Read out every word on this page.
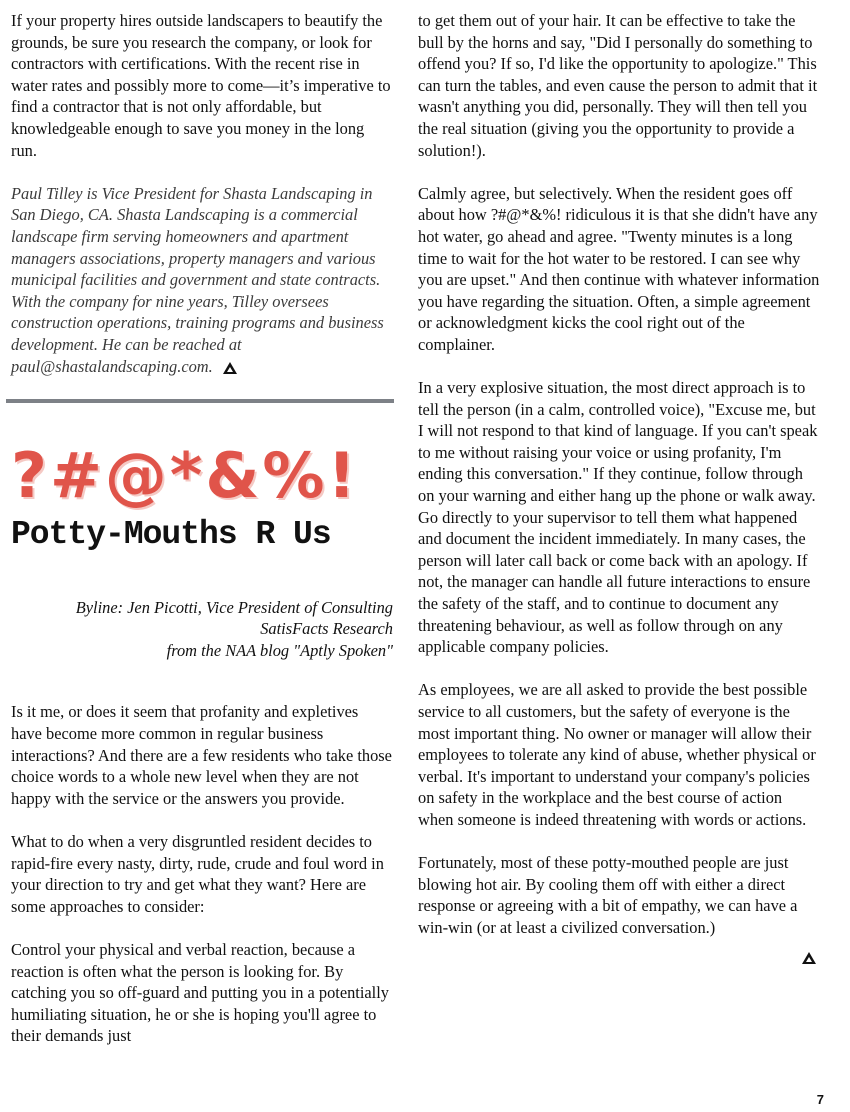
If your property hires outside landscapers to beautify the grounds, be sure you research the company, or look for contractors with certifications. With the recent rise in water rates and possibly more to come—it’s imperative to find a contractor that is not only affordable, but knowledgeable enough to save you money in the long run.

Paul Tilley is Vice President for Shasta Landscaping in San Diego, CA. Shasta Landscaping is a commercial landscape firm serving homeowners and apartment managers associations, property managers and various municipal facilities and government and state contracts. With the company for nine years, Tilley oversees construction operations, training programs and business development. He can be reached at paul@shastalandscaping.com.

?#@*&%!
Potty-Mouths R Us
Byline: Jen Picotti, Vice President of Consulting
SatisFacts Research
from the NAA blog "Aptly Spoken"

Is it me, or does it seem that profanity and expletives have become more common in regular business interactions? And there are a few residents who take those choice words to a whole new level when they are not happy with the service or the answers you provide.

What to do when a very disgruntled resident decides to rapid-fire every nasty, dirty, rude, crude and foul word in your direction to try and get what they want? Here are some approaches to consider:

Control your physical and verbal reaction, because a reaction is often what the person is looking for. By catching you so off-guard and putting you in a potentially humiliating situation, he or she is hoping you'll agree to their demands just

to get them out of your hair. It can be effective to take the bull by the horns and say, "Did I personally do something to offend you? If so, I'd like the opportunity to apologize." This can turn the tables, and even cause the person to admit that it wasn't anything you did, personally. They will then tell you the real situation (giving you the opportunity to provide a solution!).

Calmly agree, but selectively. When the resident goes off about how ?#@*&%! ridiculous it is that she didn't have any hot water, go ahead and agree. "Twenty minutes is a long time to wait for the hot water to be restored. I can see why you are upset." And then continue with whatever information you have regarding the situation. Often, a simple agreement or acknowledgment kicks the cool right out of the complainer.

In a very explosive situation, the most direct approach is to tell the person (in a calm, controlled voice), "Excuse me, but I will not respond to that kind of language. If you can't speak to me without raising your voice or using profanity, I'm ending this conversation." If they continue, follow through on your warning and either hang up the phone or walk away. Go directly to your supervisor to tell them what happened and document the incident immediately. In many cases, the person will later call back or come back with an apology. If not, the manager can handle all future interactions to ensure the safety of the staff, and to continue to document any threatening behaviour, as well as follow through on any applicable company policies.

As employees, we are all asked to provide the best possible service to all customers, but the safety of everyone is the most important thing. No owner or manager will allow their employees to tolerate any kind of abuse, whether physical or verbal. It's important to understand your company's policies on safety in the workplace and the best course of action when someone is indeed threatening with words or actions.

Fortunately, most of these potty-mouthed people are just blowing hot air. By cooling them off with either a direct response or agreeing with a bit of empathy, we can have a win-win (or at least a civilized conversation.)

7
